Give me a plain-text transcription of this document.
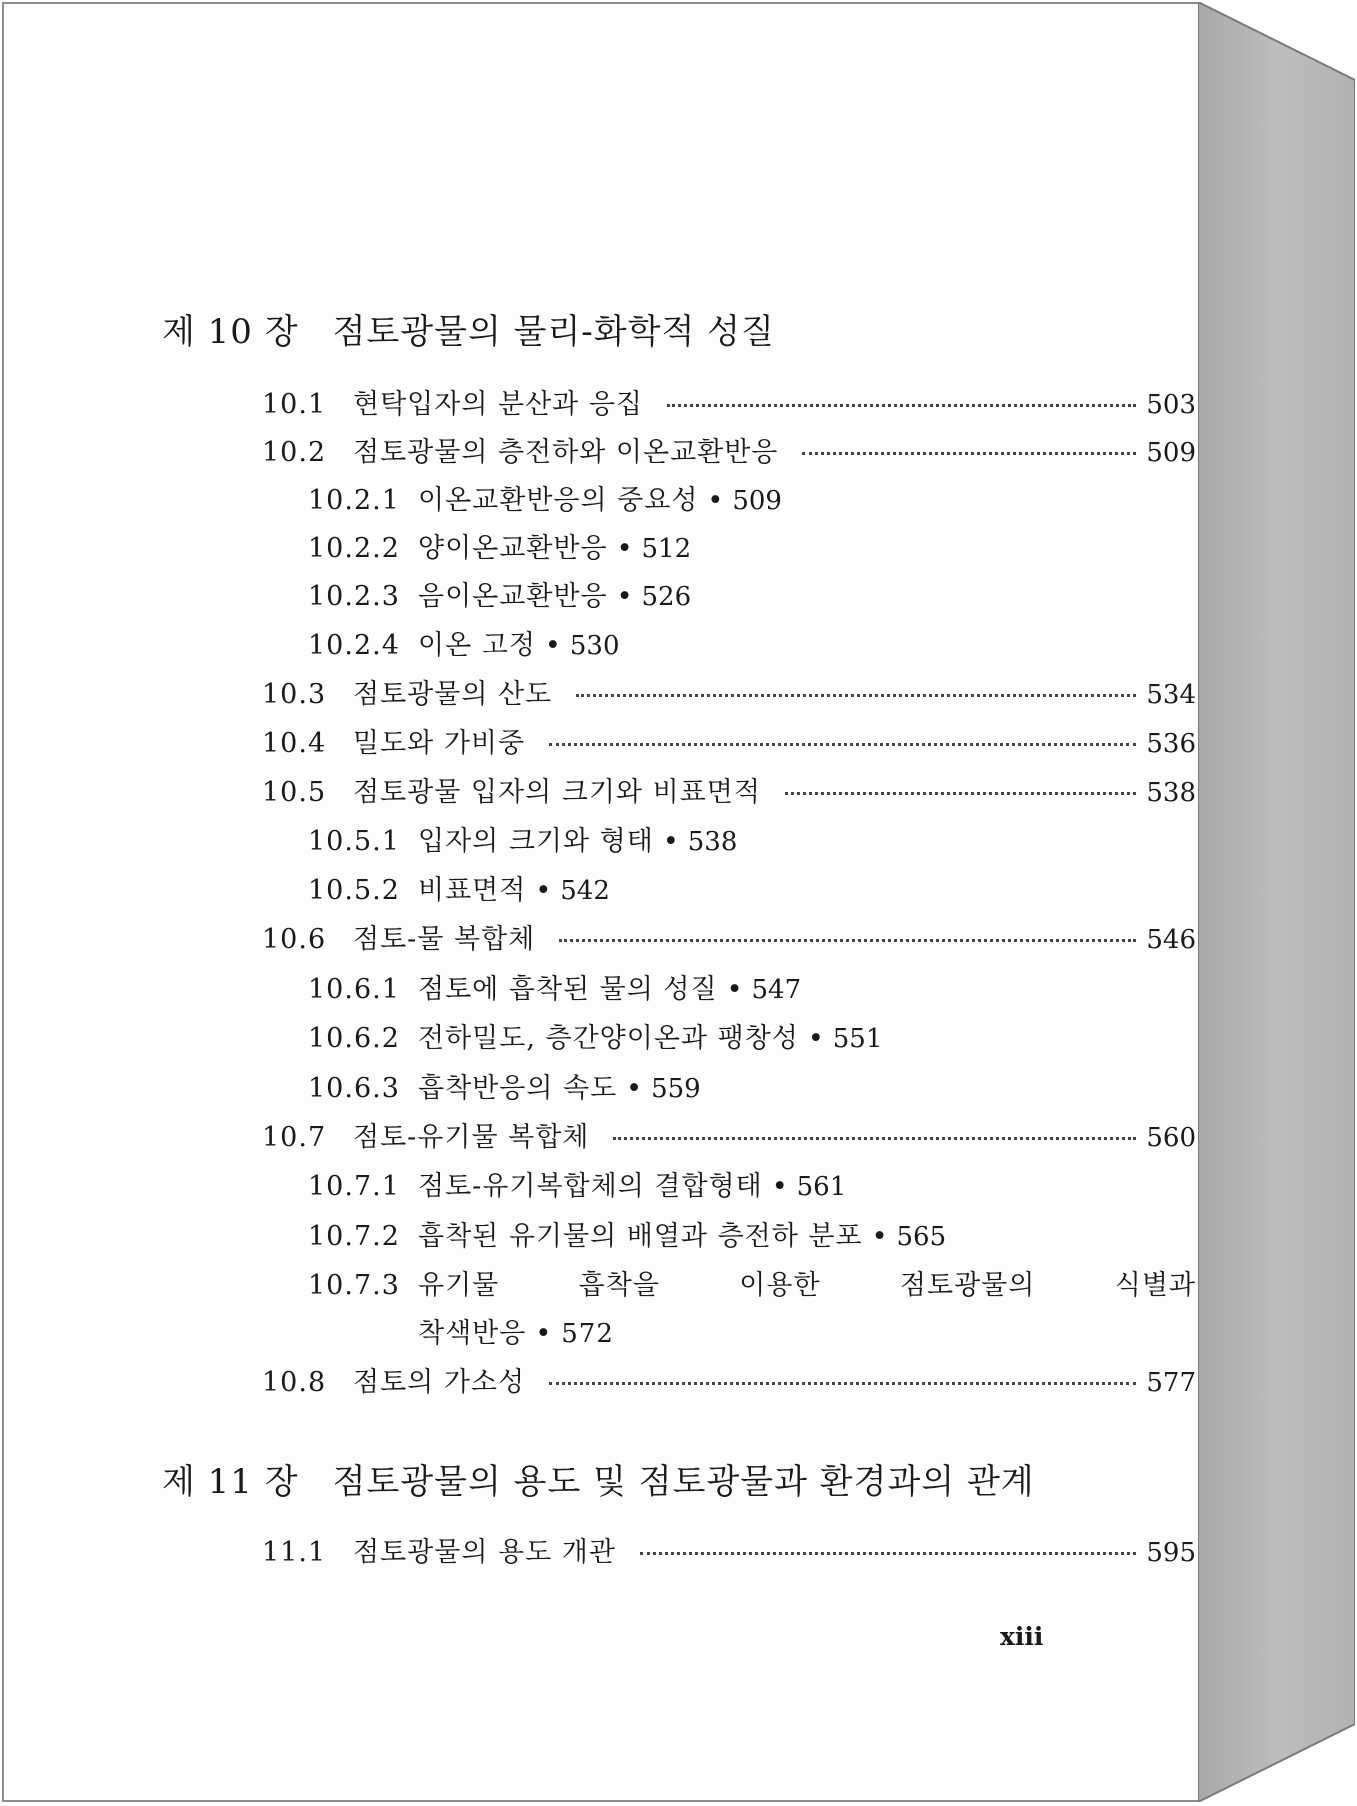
제 10 장 점토광물의 물리-화학적 성질
10.1 현탁입자의 분산과 응집	503
10.2 점토광물의 층전하와 이온교환반응	509
10.2.1 이온교환반응의 중요성 • 509
10.2.2 양이온교환반응 • 512
10.2.3 음이온교환반응 • 526
10.2.4 이온 고정 • 530
10.3 점토광물의 산도	534
10.4 밀도와 가비중	536
10.5 점토광물 입자의 크기와 비표면적	538
10.5.1 입자의 크기와 형태 • 538
10.5.2 비표면적 • 542
10.6 점토-물 복합체	546
10.6.1 점토에 흡착된 물의 성질 • 547
10.6.2 전하밀도, 층간양이온과 팽창성 • 551
10.6.3 흡착반응의 속도 • 559
10.7 점토-유기물 복합체	560
10.7.1 점토-유기복합체의 결합형태 • 561
10.7.2 흡착된 유기물의 배열과 층전하 분포 • 565
10.7.3 유기물	흡착을	이용한	점토광물의	식별과
착색반응 • 572
10.8 점토의 가소성	577
제 11 장 점토광물의 용도 및 점토광물과 환경과의 관계
11.1 점토광물의 용도 개관	595
xiii
